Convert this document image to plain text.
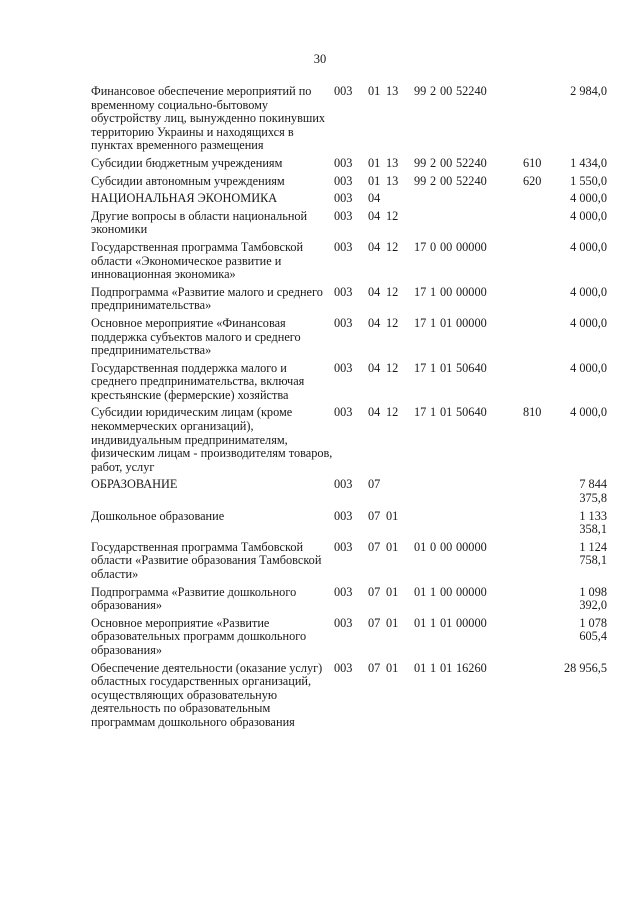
30
Финансовое обеспечение мероприятий по временному социально-бытовому обустройству лиц, вынужденно покинувших территорию Украины и находящихся в пунктах временного размещения	003	01	13	99 2 00 52240		2 984,0
Субсидии бюджетным учреждениям	003	01	13	99 2 00 52240	610	1 434,0
Субсидии автономным учреждениям	003	01	13	99 2 00 52240	620	1 550,0
НАЦИОНАЛЬНАЯ ЭКОНОМИКА	003	04				4 000,0
Другие вопросы в области национальной экономики	003	04	12			4 000,0
Государственная программа Тамбовской области «Экономическое развитие и инновационная экономика»	003	04	12	17 0 00 00000		4 000,0
Подпрограмма «Развитие малого и среднего предпринимательства»	003	04	12	17 1 00 00000		4 000,0
Основное мероприятие «Финансовая поддержка субъектов малого и среднего предпринимательства»	003	04	12	17 1 01 00000		4 000,0
Государственная поддержка малого и среднего предпринимательства, включая крестьянские (фермерские) хозяйства	003	04	12	17 1 01 50640		4 000,0
Субсидии юридическим лицам (кроме некоммерческих организаций), индивидуальным предпринимателям, физическим лицам - производителям товаров, работ, услуг	003	04	12	17 1 01 50640	810	4 000,0
ОБРАЗОВАНИЕ	003	07				7 844 375,8
Дошкольное образование	003	07	01			1 133 358,1
Государственная программа Тамбовской области «Развитие образования Тамбовской области»	003	07	01	01 0 00 00000		1 124 758,1
Подпрограмма «Развитие дошкольного образования»	003	07	01	01 1 00 00000		1 098 392,0
Основное мероприятие «Развитие образовательных программ дошкольного образования»	003	07	01	01 1 01 00000		1 078 605,4
Обеспечение деятельности (оказание услуг) областных государственных организаций, осуществляющих образовательную деятельность по образовательным программам дошкольного образования	003	07	01	01 1 01 16260		28 956,5
